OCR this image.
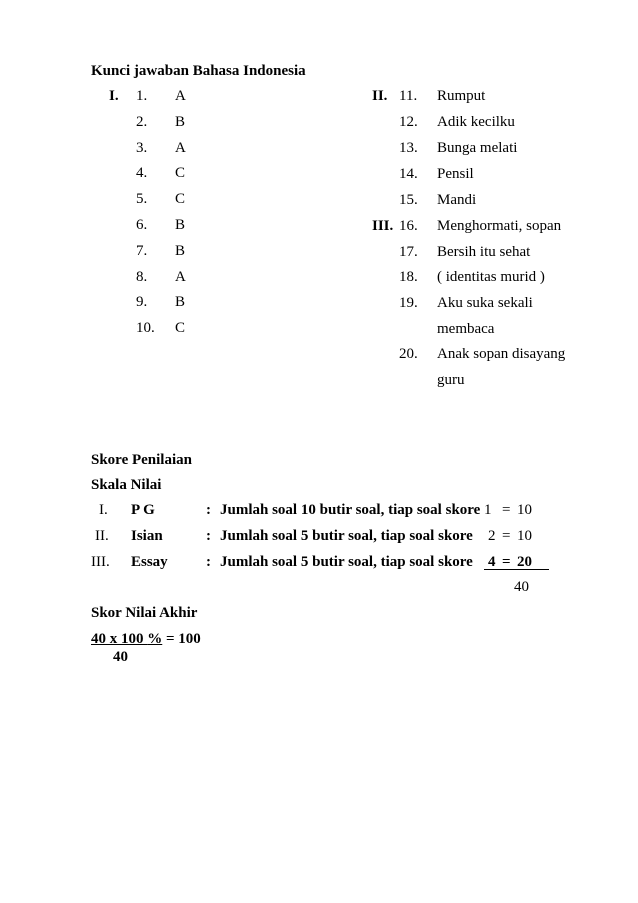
Kunci jawaban Bahasa Indonesia
I. 1. A
2. B
3. A
4. C
5. C
6. B
7. B
8. A
9. B
10. C
II. 11. Rumput
12. Adik kecilku
13. Bunga melati
14. Pensil
15. Mandi
III. 16. Menghormati, sopan
17. Bersih itu sehat
18. ( identitas murid )
19. Aku suka sekali
membaca
20. Anak sopan disayang
guru
Skore Penilaian
Skala Nilai
I. P G	: Jumlah soal 10 butir soal, tiap soal skore 1 = 10
II. Isian	: Jumlah soal 5 butir soal, tiap soal skore 2 = 10
III. Essay	: Jumlah soal 5 butir soal, tiap soal skore 4 = 20
40
Skor Nilai Akhir
40 x 100 % = 100
40
